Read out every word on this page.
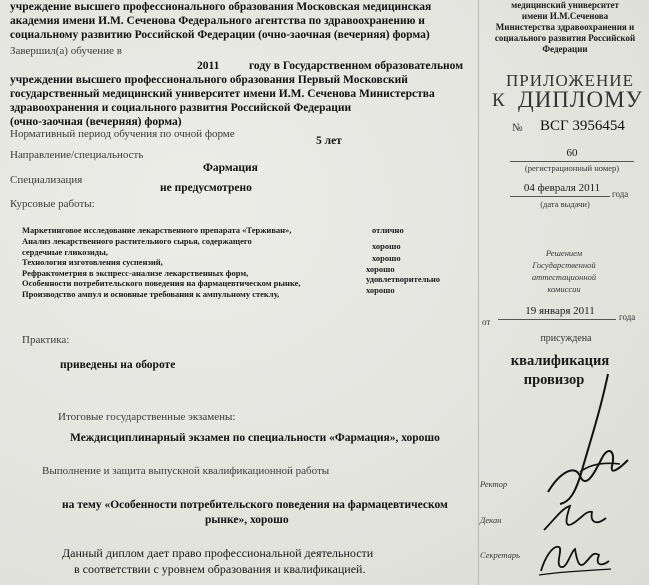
учреждение высшего профессионального образования Московская медицинская
академия имени И.М. Сеченова Федерального агентства по здравоохранению и
социальному развитию Российской Федерации (очно-заочная (вечерняя) форма)
Завершил(а) обучение в
2011	году в Государственном образовательном
учреждении высшего профессионального образования Первый Московский
государственный медицинский университет имени И.М. Сеченова Министерства
здравоохранения и социального развития Российской Федерации
(очно-заочная (вечерняя) форма)
Нормативный период обучения по очной форме
5 лет
Направление/специальность
Фармация
Специализация
не предусмотрено
Курсовые работы:
Маркетинговое исследование лекарственного препарата «Терживан»,	отлично
Анализ лекарственного растительного сырья, содержащего
сердечные гликозиды,
хорошо
Технология изготовления суспензий,	хорошо
Рефрактометрия в экспресс-анализе лекарственных форм,	хорошо
Особенности потребительского поведения на фармацевтическом рынке,	удовлетворительно
Производство ампул и основные требования к ампульному стеклу,	хорошо
Практика:
приведены на обороте
Итоговые государственные экзамены:
Междисциплинарный экзамен по специальности «Фармация», хорошо
Выполнение и защита выпускной квалификационной работы
на тему «Особенности потребительского поведения на фармацевтическом
рынке», хорошо
Данный диплом дает право профессиональной деятельности
в соответствии с уровнем образования и квалификацией.
медицинский университет
имени И.М.Сеченова
Министерства здравоохранения и
социального развития Российской
Федерации
ПРИЛОЖЕНИЕ
К ДИПЛОМУ
№ ВСГ 3956454
60
(регистрационный номер)
04 февраля 2011 года
(дата выдачи)
Решением
Государственной
аттестационной
комиссии
от
19 января 2011	года
присуждена
квалификация
провизор
Ректор
Декан
Секретарь
